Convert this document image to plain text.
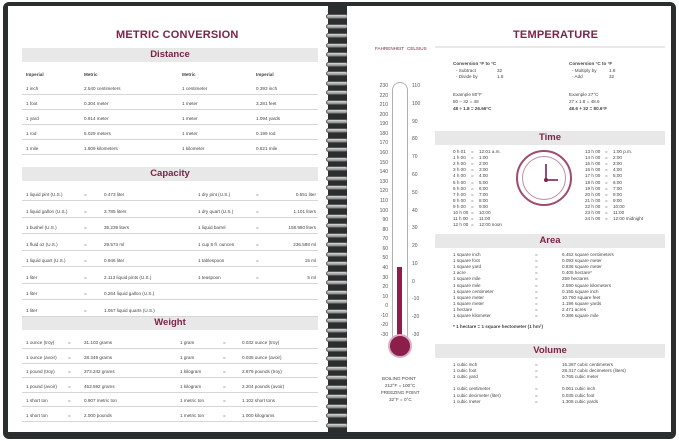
METRIC CONVERSION
Distance
Capacity
Weight
Imperial	Metric	Metric	Imperial
1 inch	2.540 centimeters	1 centimeter	0.393 inch
1 foot	0.304 meter	1 meter	3.281 feet
1 yard	0.914 meter	1 meter	1.094 yards
1 rod	5.029 meters	1 meter	0.199 rod
1 mile	1.609 kilometers	1 kilometer	0.621 mile
1 liquid pint (U.S.)	=	0.473 liter	1 dry pint (U.S.)	=	0.551 liter
1 liquid gallon (U.S.)	=	3.785 liters	1 dry quart (U.S.)	=	1.101 liters
1 bushel (U.S.)	=	35.239 liters	1 liquid barrel	=	158.980 liters
1 fluid oz (U.S.)	=	29.573 ml	1 cup 8 fl. ounces	=	236.588 ml
1 liquid quart (U.S.)	=	0.946 liter	1 tablespoon	=	15 ml
1 liter	=	2.113 liquid pints (U.S.)	1 teaspoon	=	5 ml
1 liter	=	0.264 liquid gallon (U.S.)
1 liter	=	1.057 liquid quarts (U.S.)
1 ounce (troy)	=	31.103 grams	1 gram	=	0.032 ounce (troy)
1 ounce (avoir) =	28.349 grams	1 gram	=	0.035 ounce (avoir)
1 pound (troy)	=	373.242 grams	1 kilogram	=	2.679 pounds (troy)
1 pound (avoir) =	453.592 grams	1 kilogram	=	2.204 pounds (avoir)
1 short ton	=	0.907 metric ton	1 metric ton	=	1.102 short tons
1 short ton	=	2.000 pounds	1 metric ton	=	1 000 kilograms
TEMPERATURE
FAHRENHEIT CELSIUS
Conversion °F to °C
- Subtract	32
- Divide by	1.8
Example 80°F
80 – 32 = 48
48 ÷ 1.8 = 26.66°C
Conversion °C to °F
- Multiply by	1.8
- Add	32
Example 27°C
27 x 1.8 = 48.6
48.6 + 32 = 80.6°F
Time
Area
* 1 hectare = 1 square hectometer (1 hm²)
Volume
BOILING POINT
212°F = 100°C
FREEZING POINT
32°F = 0°C
0 h 01 = 12:01 a.m.
1 h 00 = 1:00
2 h 00 = 2:00
3 h 00 = 3:00
4 h 00 = 4:00
5 h 00 = 5:00
6 h 00 = 6:00
7 h 00 = 7:00
8 h 00 = 8:00
9 h 00 = 9:00
10 h 00 = 10:00
11 h 00 = 11:00
12 h 00 = 12:00 noon
13 h 00 = 1:00 p.m.
14 h 00 = 2:00
15 h 00 = 3:00
16 h 00 = 4:00
17 h 00 = 5:00
18 h 00 = 6:00
19 h 00 = 7:00
20 h 00 = 8:00
21 h 00 = 9:00
22 h 00 = 10:00
23 h 00 = 11:00
24 h 00 = 12:00 midnight
1 square inch	=	6.452 square centimeters
1 square foot	=	0.093 square meter
1 square yard	=	0.836 square meter
1 acre	=	0.405 hectare*
1 square mile	=	259 hectares
1 square mile	=	2.590 square kilometers
1 square centimeter	=	0.155 square inch
1 square meter	=	10.760 square feet
1 square meter	=	1.196 square yards
1 hectare	=	2.471 acres
1 square kilometer	=	0.386 square mile
1 cubic inch	=	16.387 cubic centimeters
1 cubic foot	=	28.317 cubic decimeters (liters)
1 cubic yard	=	0.765 cubic meter
1 cubic centimeter	=	0.061 cubic inch
1 cubic decimeter (liter)	=	0.035 cubic foot
1 cubic meter	=	1.308 cubic yards
230
220
210
200
190
180
170
160
150
140
130
120
110
100
90
80
70
60
50
40
30
20
10
0
-10
-20
-30
110
100
90
80
70
60
50
40
30
20
10
0
-10
-20
-30
